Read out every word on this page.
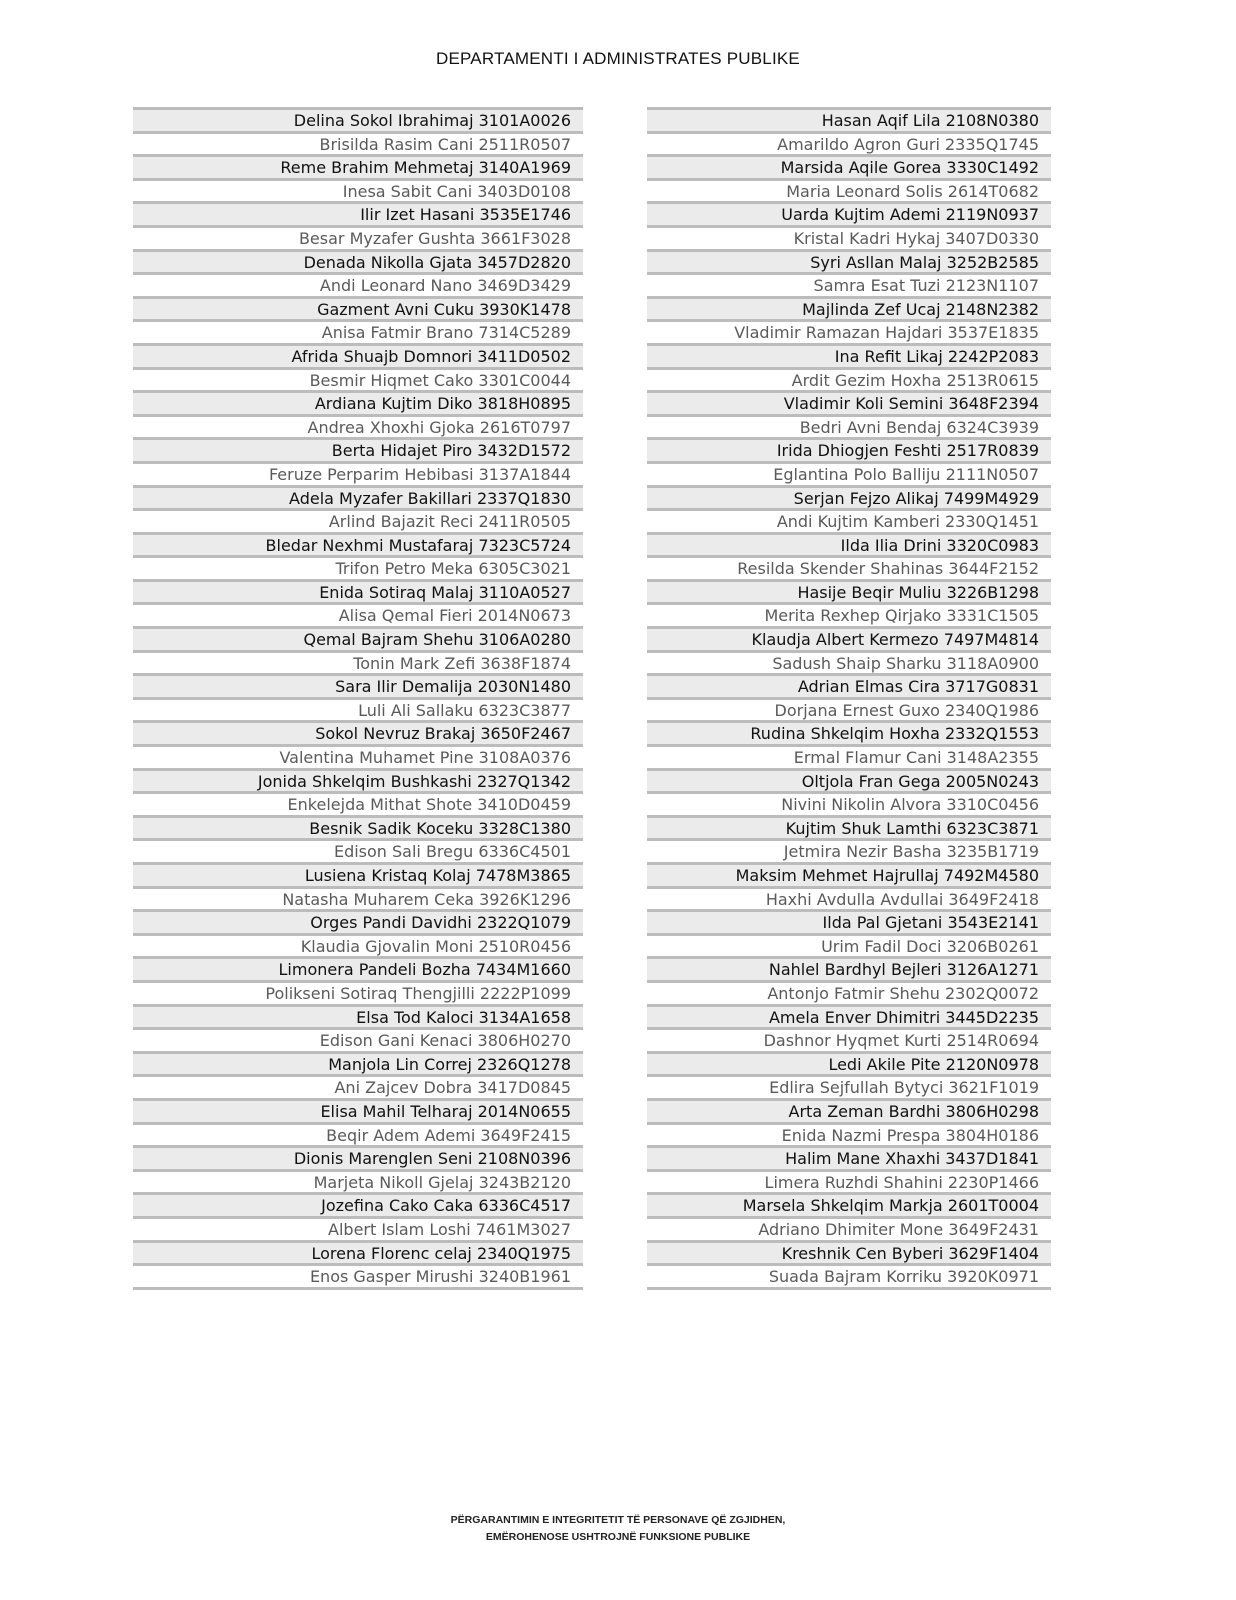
DEPARTAMENTI I ADMINISTRATES PUBLIKE
Delina Sokol Ibrahimaj 3101A0026
Brisilda Rasim Cani 2511R0507
Reme Brahim Mehmetaj 3140A1969
Inesa Sabit Cani 3403D0108
Ilir Izet Hasani 3535E1746
Besar Myzafer Gushta 3661F3028
Denada Nikolla Gjata 3457D2820
Andi Leonard Nano 3469D3429
Gazment Avni Cuku 3930K1478
Anisa Fatmir Brano 7314C5289
Afrida Shuajb Domnori 3411D0502
Besmir Hiqmet Cako 3301C0044
Ardiana Kujtim Diko 3818H0895
Andrea Xhoxhi Gjoka 2616T0797
Berta Hidajet Piro 3432D1572
Feruze Perparim Hebibasi 3137A1844
Adela Myzafer Bakillari 2337Q1830
Arlind Bajazit Reci 2411R0505
Bledar Nexhmi Mustafaraj 7323C5724
Trifon Petro Meka 6305C3021
Enida Sotiraq Malaj 3110A0527
Alisa Qemal Fieri 2014N0673
Qemal Bajram Shehu 3106A0280
Tonin Mark Zefi 3638F1874
Sara Ilir Demalija 2030N1480
Luli Ali Sallaku 6323C3877
Sokol Nevruz Brakaj 3650F2467
Valentina Muhamet Pine 3108A0376
Jonida Shkelqim Bushkashi 2327Q1342
Enkelejda Mithat Shote 3410D0459
Besnik Sadik Koceku 3328C1380
Edison Sali Bregu 6336C4501
Lusiena Kristaq Kolaj 7478M3865
Natasha Muharem Ceka 3926K1296
Orges Pandi Davidhi 2322Q1079
Klaudia Gjovalin Moni 2510R0456
Limonera Pandeli Bozha 7434M1660
Polikseni Sotiraq Thengjilli 2222P1099
Elsa Tod Kaloci 3134A1658
Edison Gani Kenaci 3806H0270
Manjola Lin Correj 2326Q1278
Ani Zajcev Dobra 3417D0845
Elisa Mahil Telharaj 2014N0655
Beqir Adem Ademi 3649F2415
Dionis Marenglen Seni 2108N0396
Marjeta Nikoll Gjelaj 3243B2120
Jozefina Cako Caka 6336C4517
Albert Islam Loshi 7461M3027
Lorena Florenc celaj 2340Q1975
Enos Gasper Mirushi 3240B1961
Hasan Aqif Lila 2108N0380
Amarildo Agron Guri 2335Q1745
Marsida Aqile Gorea 3330C1492
Maria Leonard Solis 2614T0682
Uarda Kujtim Ademi 2119N0937
Kristal Kadri Hykaj 3407D0330
Syri Asllan Malaj 3252B2585
Samra Esat Tuzi 2123N1107
Majlinda Zef Ucaj 2148N2382
Vladimir Ramazan Hajdari 3537E1835
Ina Refit Likaj 2242P2083
Ardit Gezim Hoxha 2513R0615
Vladimir Koli Semini 3648F2394
Bedri Avni Bendaj 6324C3939
Irida Dhiogjen Feshti 2517R0839
Eglantina Polo Balliju 2111N0507
Serjan Fejzo Alikaj 7499M4929
Andi Kujtim Kamberi 2330Q1451
Ilda Ilia Drini 3320C0983
Resilda Skender Shahinas 3644F2152
Hasije Beqir Muliu 3226B1298
Merita Rexhep Qirjako 3331C1505
Klaudja Albert Kermezo 7497M4814
Sadush Shaip Sharku 3118A0900
Adrian Elmas Cira 3717G0831
Dorjana Ernest Guxo 2340Q1986
Rudina Shkelqim Hoxha 2332Q1553
Ermal Flamur Cani 3148A2355
Oltjola Fran Gega 2005N0243
Nivini Nikolin Alvora 3310C0456
Kujtim Shuk Lamthi 6323C3871
Jetmira Nezir Basha 3235B1719
Maksim Mehmet Hajrullaj 7492M4580
Haxhi Avdulla Avdullai 3649F2418
Ilda Pal Gjetani 3543E2141
Urim Fadil Doci 3206B0261
Nahlel Bardhyl Bejleri 3126A1271
Antonjo Fatmir Shehu 2302Q0072
Amela Enver Dhimitri 3445D2235
Dashnor Hyqmet Kurti 2514R0694
Ledi Akile Pite 2120N0978
Edlira Sejfullah Bytyci 3621F1019
Arta Zeman Bardhi 3806H0298
Enida Nazmi Prespa 3804H0186
Halim Mane Xhaxhi 3437D1841
Limera Ruzhdi Shahini 2230P1466
Marsela Shkelqim Markja 2601T0004
Adriano Dhimiter Mone 3649F2431
Kreshnik Cen Byberi 3629F1404
Suada Bajram Korriku 3920K0971
PËRGARANTIMIN E INTEGRITETIT TË PERSONAVE QË ZGJIDHEN,
EMËROHENOSE USHTROJNË FUNKSIONE PUBLIKE
